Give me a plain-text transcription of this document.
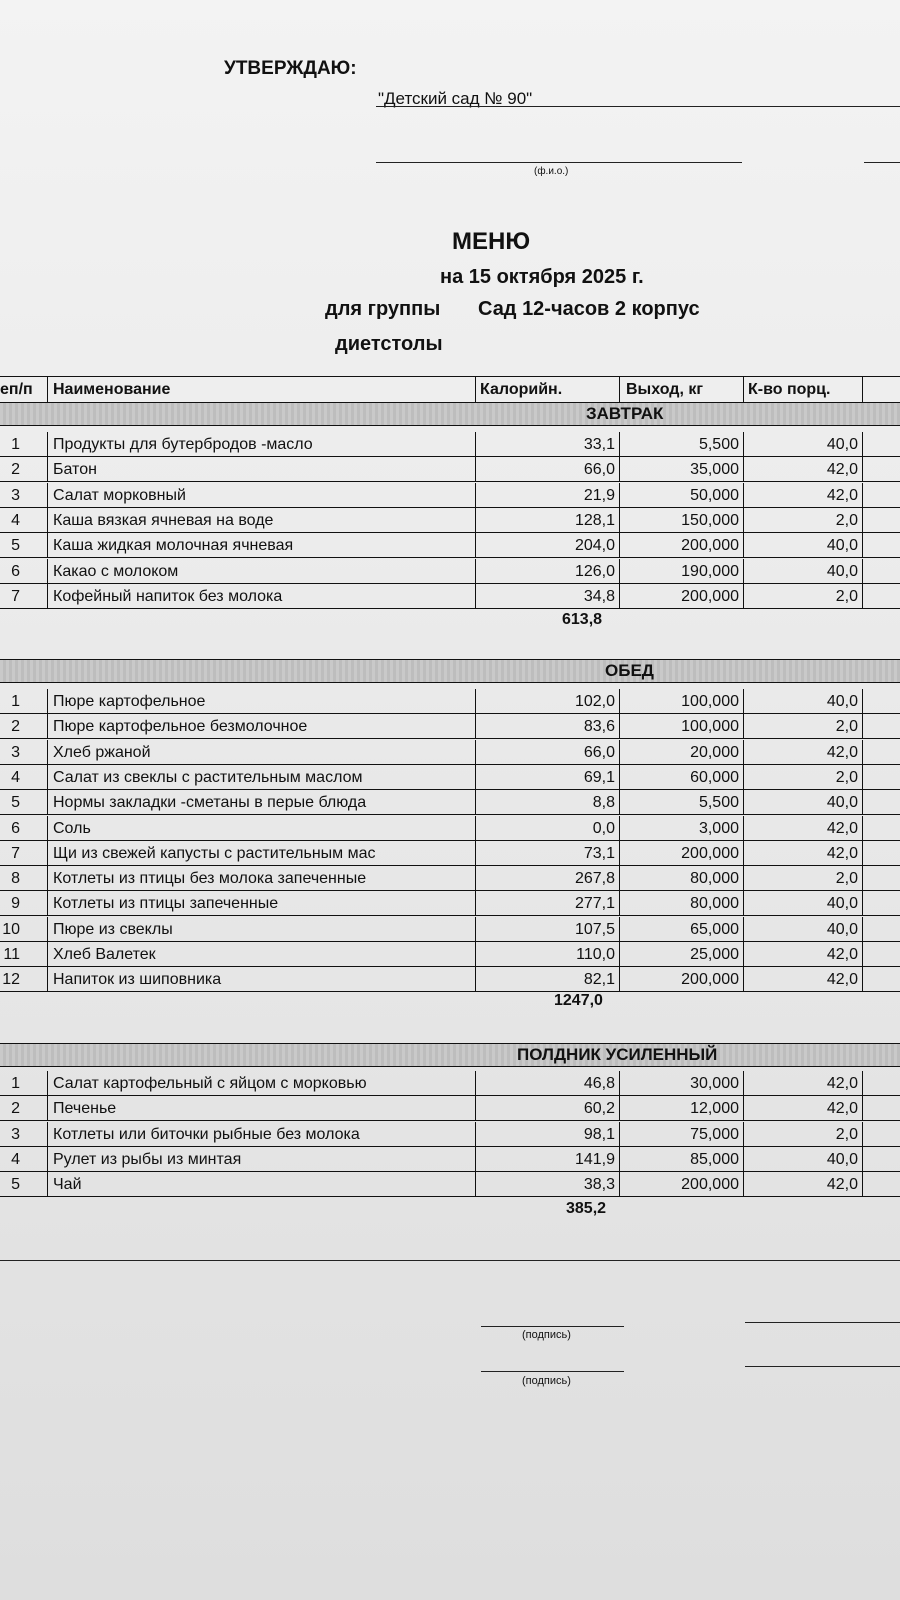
УТВЕРЖДАЮ:
"Детский сад № 90"
(ф.и.о.)
МЕНЮ
на 15 октября 2025 г.
для группы Сад 12-часов 2 корпус
диетстолы
еп/п	Наименование	Калорийн.	Выход, кг	К-во порц.
ЗАВТРАК
1	Продукты для бутербродов -масло	33,1	5,500	40,0
2	Батон	66,0	35,000	42,0
3	Салат морковный	21,9	50,000	42,0
4	Каша вязкая ячневая на воде	128,1	150,000	2,0
5	Каша жидкая молочная ячневая	204,0	200,000	40,0
6	Какао с молоком	126,0	190,000	40,0
7	Кофейный напиток без молока	34,8	200,000	2,0
613,8
ОБЕД
1	Пюре картофельное	102,0	100,000	40,0
2	Пюре картофельное безмолочное	83,6	100,000	2,0
3	Хлеб ржаной	66,0	20,000	42,0
4	Салат из свеклы с растительным маслом	69,1	60,000	2,0
5	Нормы закладки -сметаны в перые блюда	8,8	5,500	40,0
6	Соль	0,0	3,000	42,0
7	Щи из свежей капусты с растительным мас	73,1	200,000	42,0
8	Котлеты из птицы без молока запеченные	267,8	80,000	2,0
9	Котлеты из птицы запеченные	277,1	80,000	40,0
10	Пюре из свеклы	107,5	65,000	40,0
11	Хлеб Валетек	110,0	25,000	42,0
12	Напиток из шиповника	82,1	200,000	42,0
1247,0
ПОЛДНИК УСИЛЕННЫЙ
1	Салат картофельный с яйцом с морковью	46,8	30,000	42,0
2	Печенье	60,2	12,000	42,0
3	Котлеты или биточки рыбные без молока	98,1	75,000	2,0
4	Рулет из рыбы из минтая	141,9	85,000	40,0
5	Чай	38,3	200,000	42,0
385,2
(подпись)
(подпись)
